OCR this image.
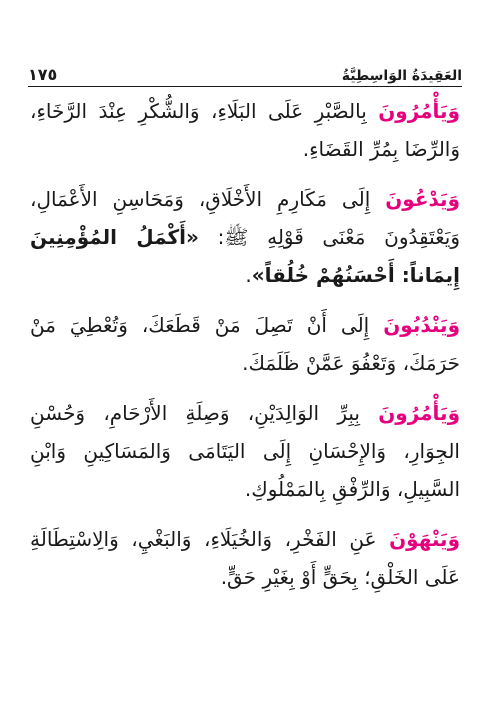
١٧٥	العَقِيدَةُ الوَاسِطِيَّةُ

وَيَأْمُرُونَ بِالصَّبْرِ عَلَى البَلَاءِ، وَالشُّكْرِ عِنْدَ الرَّخَاءِ، وَالرِّضَا بِمُرِّ القَضَاءِ.

وَيَدْعُونَ إِلَى مَكَارِمِ الأَخْلَاقِ، وَمَحَاسِنِ الأَعْمَالِ، وَيَعْتَقِدُونَ مَعْنَى قَوْلِهِ ﷺ: «أَكْمَلُ المُؤْمِنِينَ إِيمَاناً: أَحْسَنُهُمْ خُلُقاً».

وَيَنْدُبُونَ إِلَى أَنْ تَصِلَ مَنْ قَطَعَكَ، وَتُعْطِيَ مَنْ حَرَمَكَ، وَتَعْفُوَ عَمَّنْ ظَلَمَكَ.

وَيَأْمُرُونَ بِبِرِّ الوَالِدَيْنِ، وَصِلَةِ الأَرْحَامِ، وَحُسْنِ الجِوَارِ، وَالإِحْسَانِ إِلَى اليَتَامَى وَالمَسَاكِينِ وَابْنِ السَّبِيلِ، وَالرِّفْقِ بِالمَمْلُوكِ.

وَيَنْهَوْنَ عَنِ الفَخْرِ، وَالخُيَلَاءِ، وَالبَغْيِ، وَالِاسْتِطَالَةِ عَلَى الخَلْقِ؛ بِحَقٍّ أَوْ بِغَيْرِ حَقٍّ.
